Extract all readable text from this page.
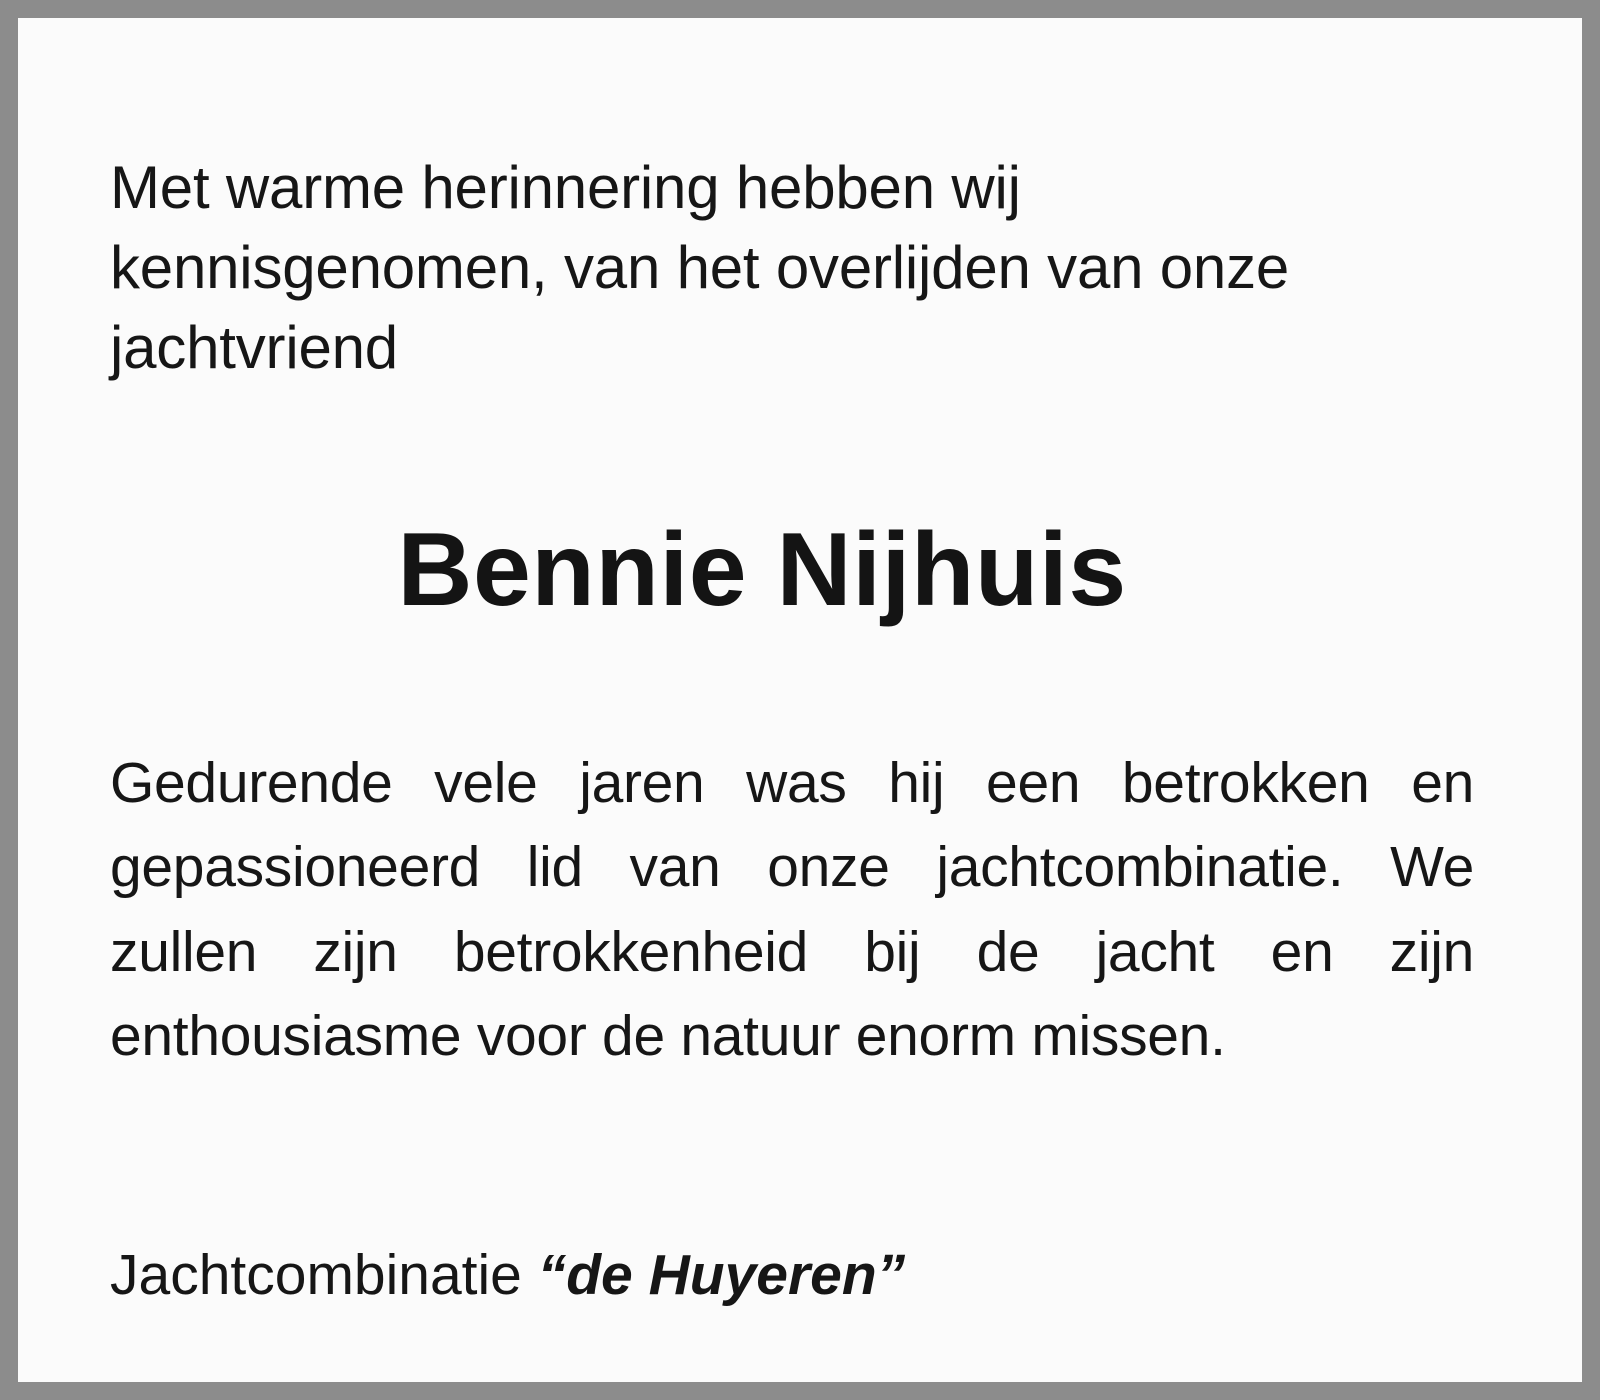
Met warme herinnering hebben wij kennisgenomen, van het overlijden van onze jachtvriend

Bennie Nijhuis

Gedurende vele jaren was hij een betrokken en gepassioneerd lid van onze jachtcombinatie. We zullen zijn betrokkenheid bij de jacht en zijn enthousiasme voor de natuur enorm missen.

Jachtcombinatie “de Huyeren”
